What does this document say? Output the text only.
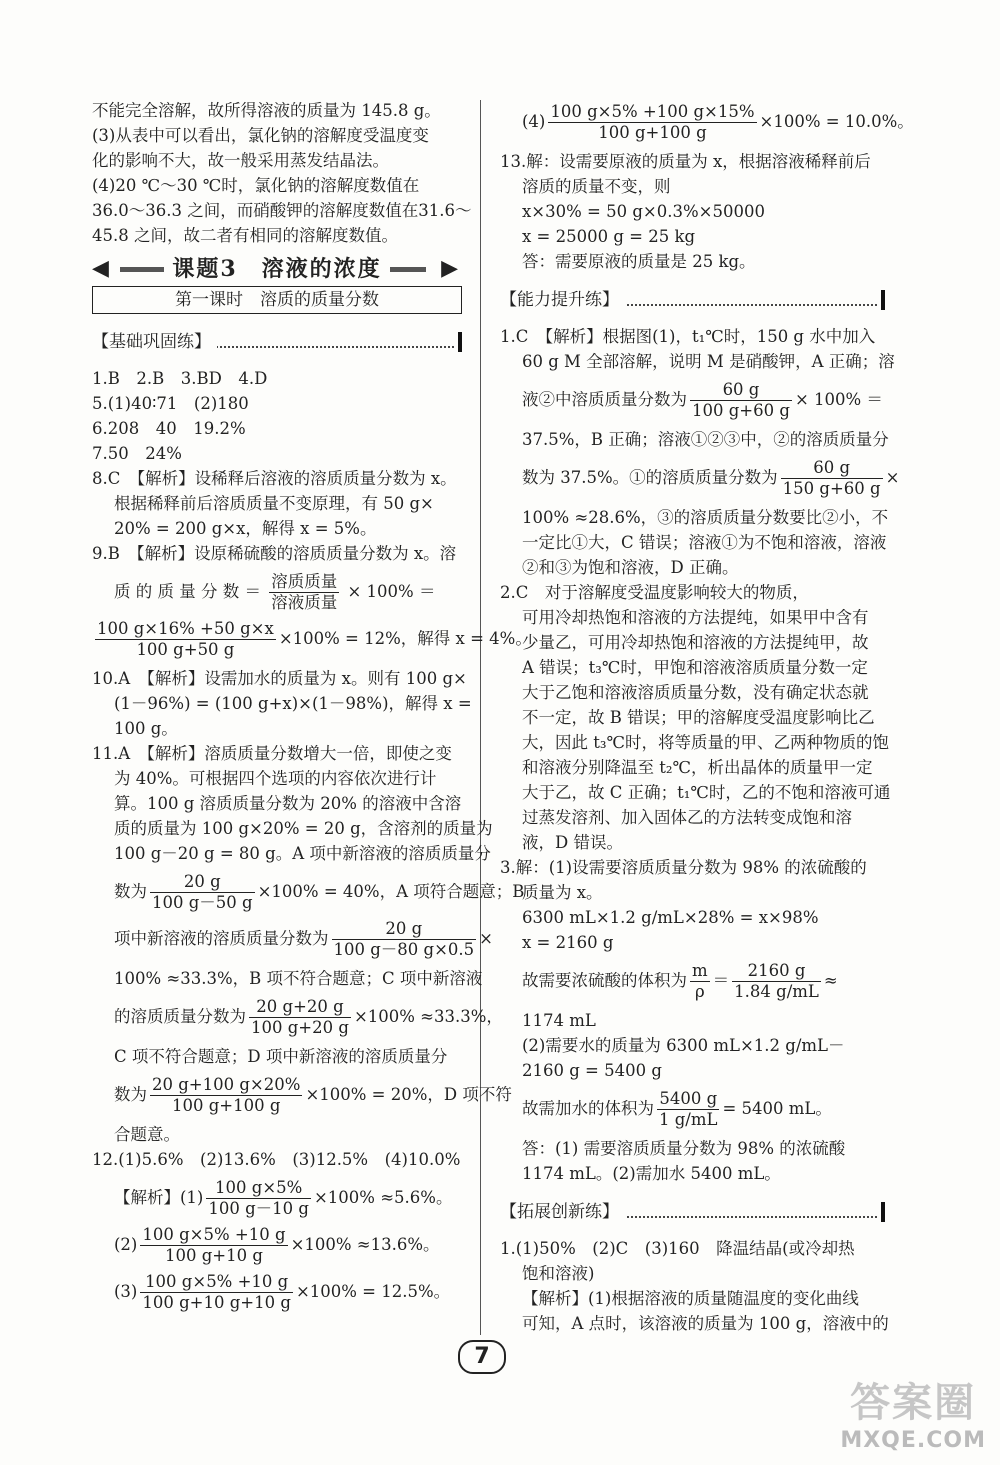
不能完全溶解，故所得溶液的质量为 145.8 g。

(3)从表中可以看出，氯化钠的溶解度受温度变

化的影响不大，故一般采用蒸发结晶法。

(4)20 ℃～30 ℃时，氯化钠的溶解度数值在

36.0～36.3 之间，而硝酸钾的溶解度数值在31.6～

45.8 之间，故二者有相同的溶解度数值。

◀	课题3　溶液的浓度	▶
第一课时　溶质的质量分数
【基础巩固练】

1.B　2.B　3.BD　4.D

5.(1)40∶71　(2)180

6.208　40　19.2%

7.50　24%

8.C　【解析】设稀释后溶液的溶质质量分数为 x。

根据稀释前后溶质质量不变原理，有 50 g×

20% = 200 g×x，解得 x = 5%。

9.B　【解析】设原稀硫酸的溶质质量分数为 x。溶

质 的 质 量 分 数 ＝ $\frac{\text{溶质质量}}{\text{溶液质量}} \times 100\%$ ＝

$\frac{100 g\times 16\% +50 g\times x}{100 g+50 g} \times 100\% = 12\%$，解得 x = 4%。

10.A　【解析】设需加水的质量为 x。则有 100 g×

(1－96%) = (100 g+x)×(1－98%)，解得 x =

100 g。

11.A　【解析】溶质质量分数增大一倍，即使之变

为 40%。可根据四个选项的内容依次进行计

算。100 g 溶质质量分数为 20% 的溶液中含溶

质的质量为 100 g×20% = 20 g，含溶剂的质量为

100 g－20 g = 80 g。A 项中新溶液的溶质质量分

数为 $\frac{20 g}{100 g-50 g} \times 100\% = 40\%$，A 项符合题意；B

项中新溶液的溶质质量分数为 $\frac{20 g}{100 g-80 g\times 0.5}$ ×

100% ≈33.3%，B 项不符合题意；C 项中新溶液

的溶质质量分数为 $\frac{20 g+20 g}{100 g+20 g} \times 100\% \approx 33.3\%$，

C 项不符合题意；D 项中新溶液的溶质质量分

数为 $\frac{20 g+100 g\times 20\%}{100 g+100 g} \times 100\% = 20\%$，D 项不符

合题意。

12.(1)5.6%　(2)13.6%　(3)12.5%　(4)10.0%

【解析】$(1) \frac{100 g\times 5\%}{100 g-10 g} \times 100\% \approx 5.6\%$。

$(2) \frac{100 g\times 5\% +10 g}{100 g+10 g} \times 100\% \approx 13.6\%$。

$(3) \frac{100 g\times 5\% +10 g}{100 g+10 g+10 g} \times 100\% = 12.5\%$。

$(4) \frac{100 g\times 5\% +100 g\times 15\%}{100 g+100 g} \times 100\% = 10.0\%$。

13.解：设需要原液的质量为 x，根据溶液稀释前后

溶质的质量不变，则

x×30% = 50 g×0.3%×50000

x = 25000 g = 25 kg

答：需要原液的质量是 25 kg。

【能力提升练】

1.C　【解析】根据图(1)，t₁℃时，150 g 水中加入

60 g M 全部溶解，说明 M 是硝酸钾，A 正确；溶

液②中溶质质量分数为 $\frac{60 g}{100 g+60 g} \times 100\%$ ＝

37.5%，B 正确；溶液①②③中，②的溶质质量分

数为 37.5%。①的溶质质量分数为 $\frac{60 g}{150 g+60 g}$ ×

100% ≈28.6%，③的溶质质量分数要比②小，不

一定比①大，C 错误；溶液①为不饱和溶液，溶液

②和③为饱和溶液，D 正确。

2.C　对于溶解度受温度影响较大的物质，

可用冷却热饱和溶液的方法提纯，如果甲中含有

少量乙，可用冷却热饱和溶液的方法提纯甲，故

A 错误；t₃℃时，甲饱和溶液溶质质量分数一定

大于乙饱和溶液溶质质量分数，没有确定状态就

不一定，故 B 错误；甲的溶解度受温度影响比乙

大，因此 t₃℃时，将等质量的甲、乙两种物质的饱

和溶液分别降温至 t₂℃，析出晶体的质量甲一定

大于乙，故 C 正确；t₁℃时，乙的不饱和溶液可通

过蒸发溶剂、加入固体乙的方法转变成饱和溶

液，D 错误。

3.解：(1)设需要溶质质量分数为 98% 的浓硫酸的

质量为 x。

6300 mL×1.2 g/mL×28% = x×98%

x = 2160 g

故需要浓硫酸的体积为 $\frac{m}{\rho} = \frac{2160 g}{1.84 g/mL}$ ≈

1174 mL

(2)需要水的质量为 6300 mL×1.2 g/mL－

2160 g = 5400 g

故需加水的体积为 $\frac{5400 g}{1 g/mL} = 5400$ mL。

答：(1) 需要溶质质量分数为 98% 的浓硫酸

1174 mL。(2)需加水 5400 mL。

【拓展创新练】

1.(1)50%　(2)C　(3)160　降温结晶(或冷却热

饱和溶液)

【解析】(1)根据溶液的质量随温度的变化曲线

可知，A 点时，该溶液的质量为 100 g，溶液中的

7
答案圈
MXQE.COM
